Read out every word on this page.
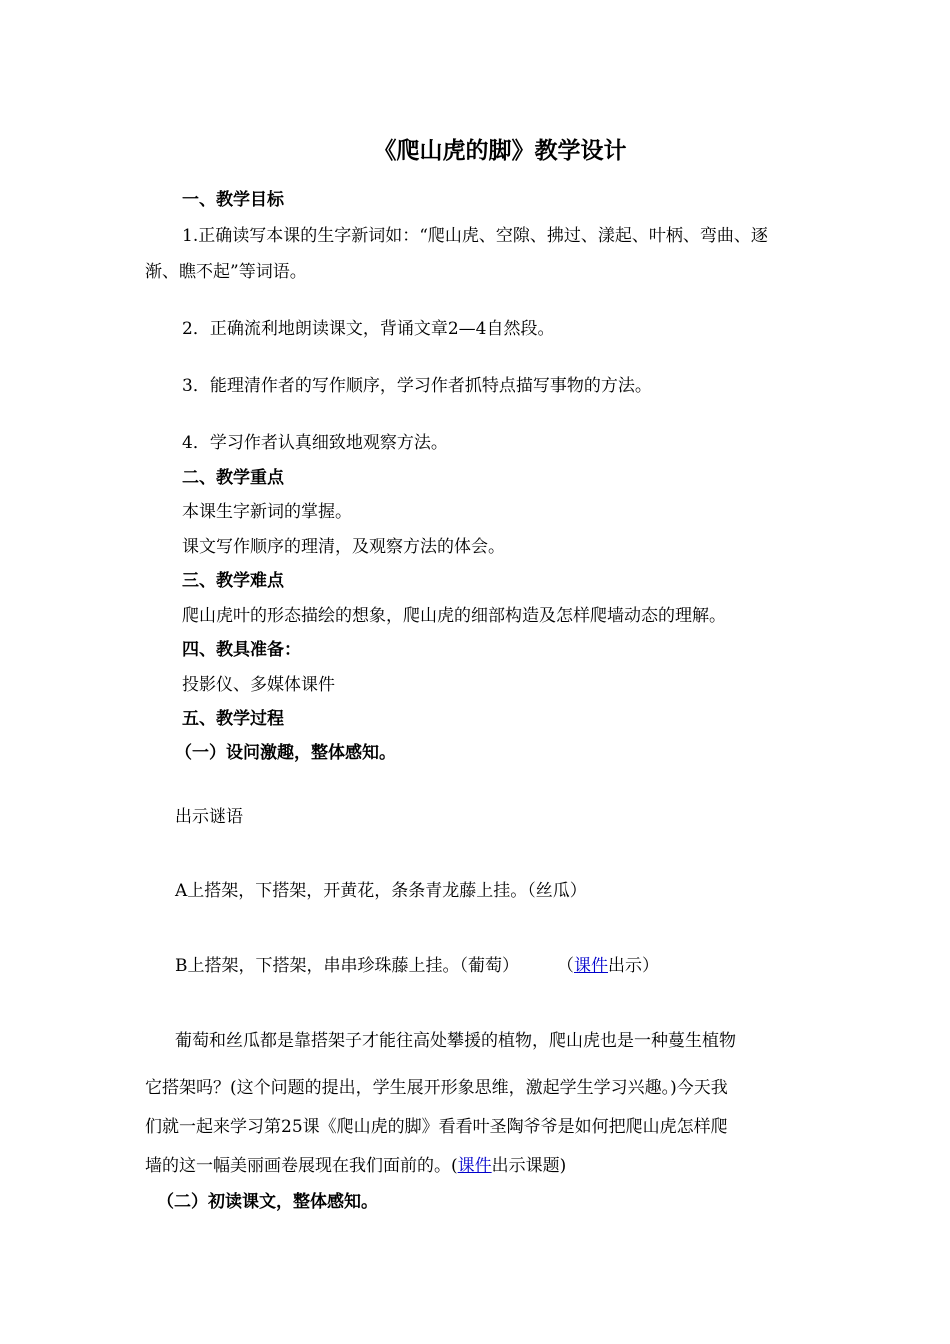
《爬山虎的脚》教学设计
一、教学目标
1.正确读写本课的生字新词如：“爬山虎、空隙、拂过、漾起、叶柄、弯曲、逐
渐、瞧不起”等词语。
2．正确流利地朗读课文，背诵文章2—4自然段。
3．能理清作者的写作顺序，学习作者抓特点描写事物的方法。
4．学习作者认真细致地观察方法。
二、教学重点
本课生字新词的掌握。
课文写作顺序的理清，及观察方法的体会。
三、教学难点
爬山虎叶的形态描绘的想象，爬山虎的细部构造及怎样爬墙动态的理解。
四、教具准备：
投影仪、多媒体课件
五、教学过程
（一）设问激趣，整体感知。
出示谜语
A上搭架，下搭架，开黄花，条条青龙藤上挂。（丝瓜）
B上搭架，下搭架，串串珍珠藤上挂。（葡萄） （课件出示）
葡萄和丝瓜都是靠搭架子才能往高处攀援的植物，爬山虎也是一种蔓生植物
它搭架吗？(这个问题的提出，学生展开形象思维，激起学生学习兴趣。)今天我
们就一起来学习第25课《爬山虎的脚》看看叶圣陶爷爷是如何把爬山虎怎样爬
墙的这一幅美丽画卷展现在我们面前的。(课件出示课题)
（二）初读课文，整体感知。
